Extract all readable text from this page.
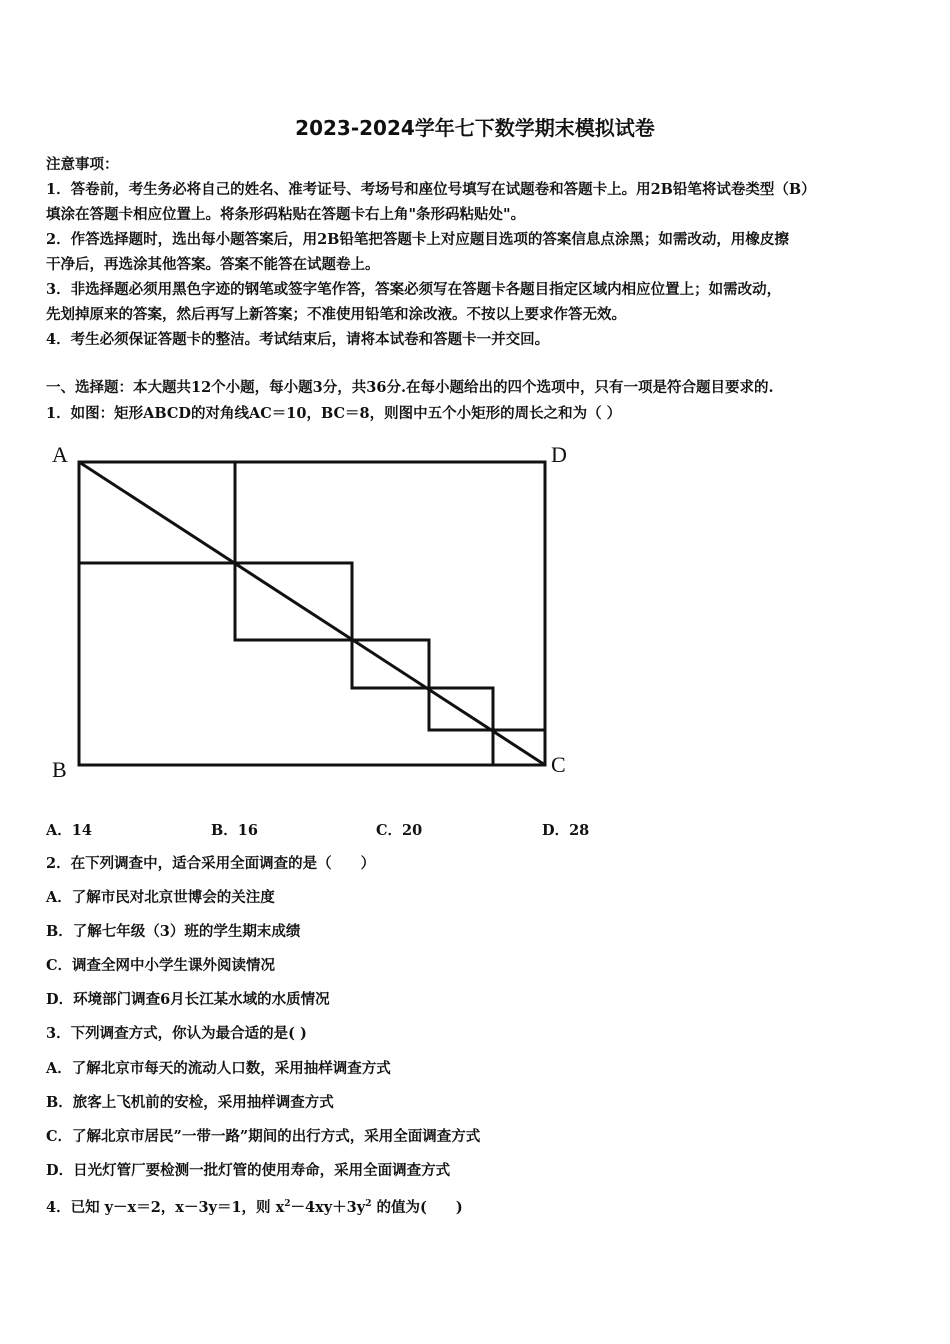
2023-2024学年七下数学期末模拟试卷
注意事项：
1．答卷前，考生务必将自己的姓名、准考证号、考场号和座位号填写在试题卷和答题卡上。用2B铅笔将试卷类型（B）
填涂在答题卡相应位置上。将条形码粘贴在答题卡右上角"条形码粘贴处"。
2．作答选择题时，选出每小题答案后，用2B铅笔把答题卡上对应题目选项的答案信息点涂黑；如需改动，用橡皮擦
干净后，再选涂其他答案。答案不能答在试题卷上。
3．非选择题必须用黑色字迹的钢笔或签字笔作答，答案必须写在答题卡各题目指定区域内相应位置上；如需改动，
先划掉原来的答案，然后再写上新答案；不准使用铅笔和涂改液。不按以上要求作答无效。
4．考生必须保证答题卡的整洁。考试结束后，请将本试卷和答题卡一并交回。
一、选择题：本大题共12个小题，每小题3分，共36分.在每小题给出的四个选项中，只有一项是符合题目要求的.
1．如图：矩形ABCD的对角线AC＝10，BC＝8，则图中五个小矩形的周长之和为（ ）
A	D
B	C
A．14	B．16	C．20	D．28
2．在下列调查中，适合采用全面调查的是（　　）
A．了解市民对北京世博会的关注度
B．了解七年级（3）班的学生期末成绩
C．调查全网中小学生课外阅读情况
D．环境部门调查6月长江某水域的水质情况
3．下列调查方式，你认为最合适的是( )
A．了解北京市每天的流动人口数，采用抽样调查方式
B．旅客上飞机前的安检，采用抽样调查方式
C．了解北京市居民”一带一路”期间的出行方式，采用全面调查方式
D．日光灯管厂要检测一批灯管的使用寿命，采用全面调查方式
4．已知 y－x＝2，x－3y＝1，则 $x^2-4xy+3y^2$ 的值为(　　)
